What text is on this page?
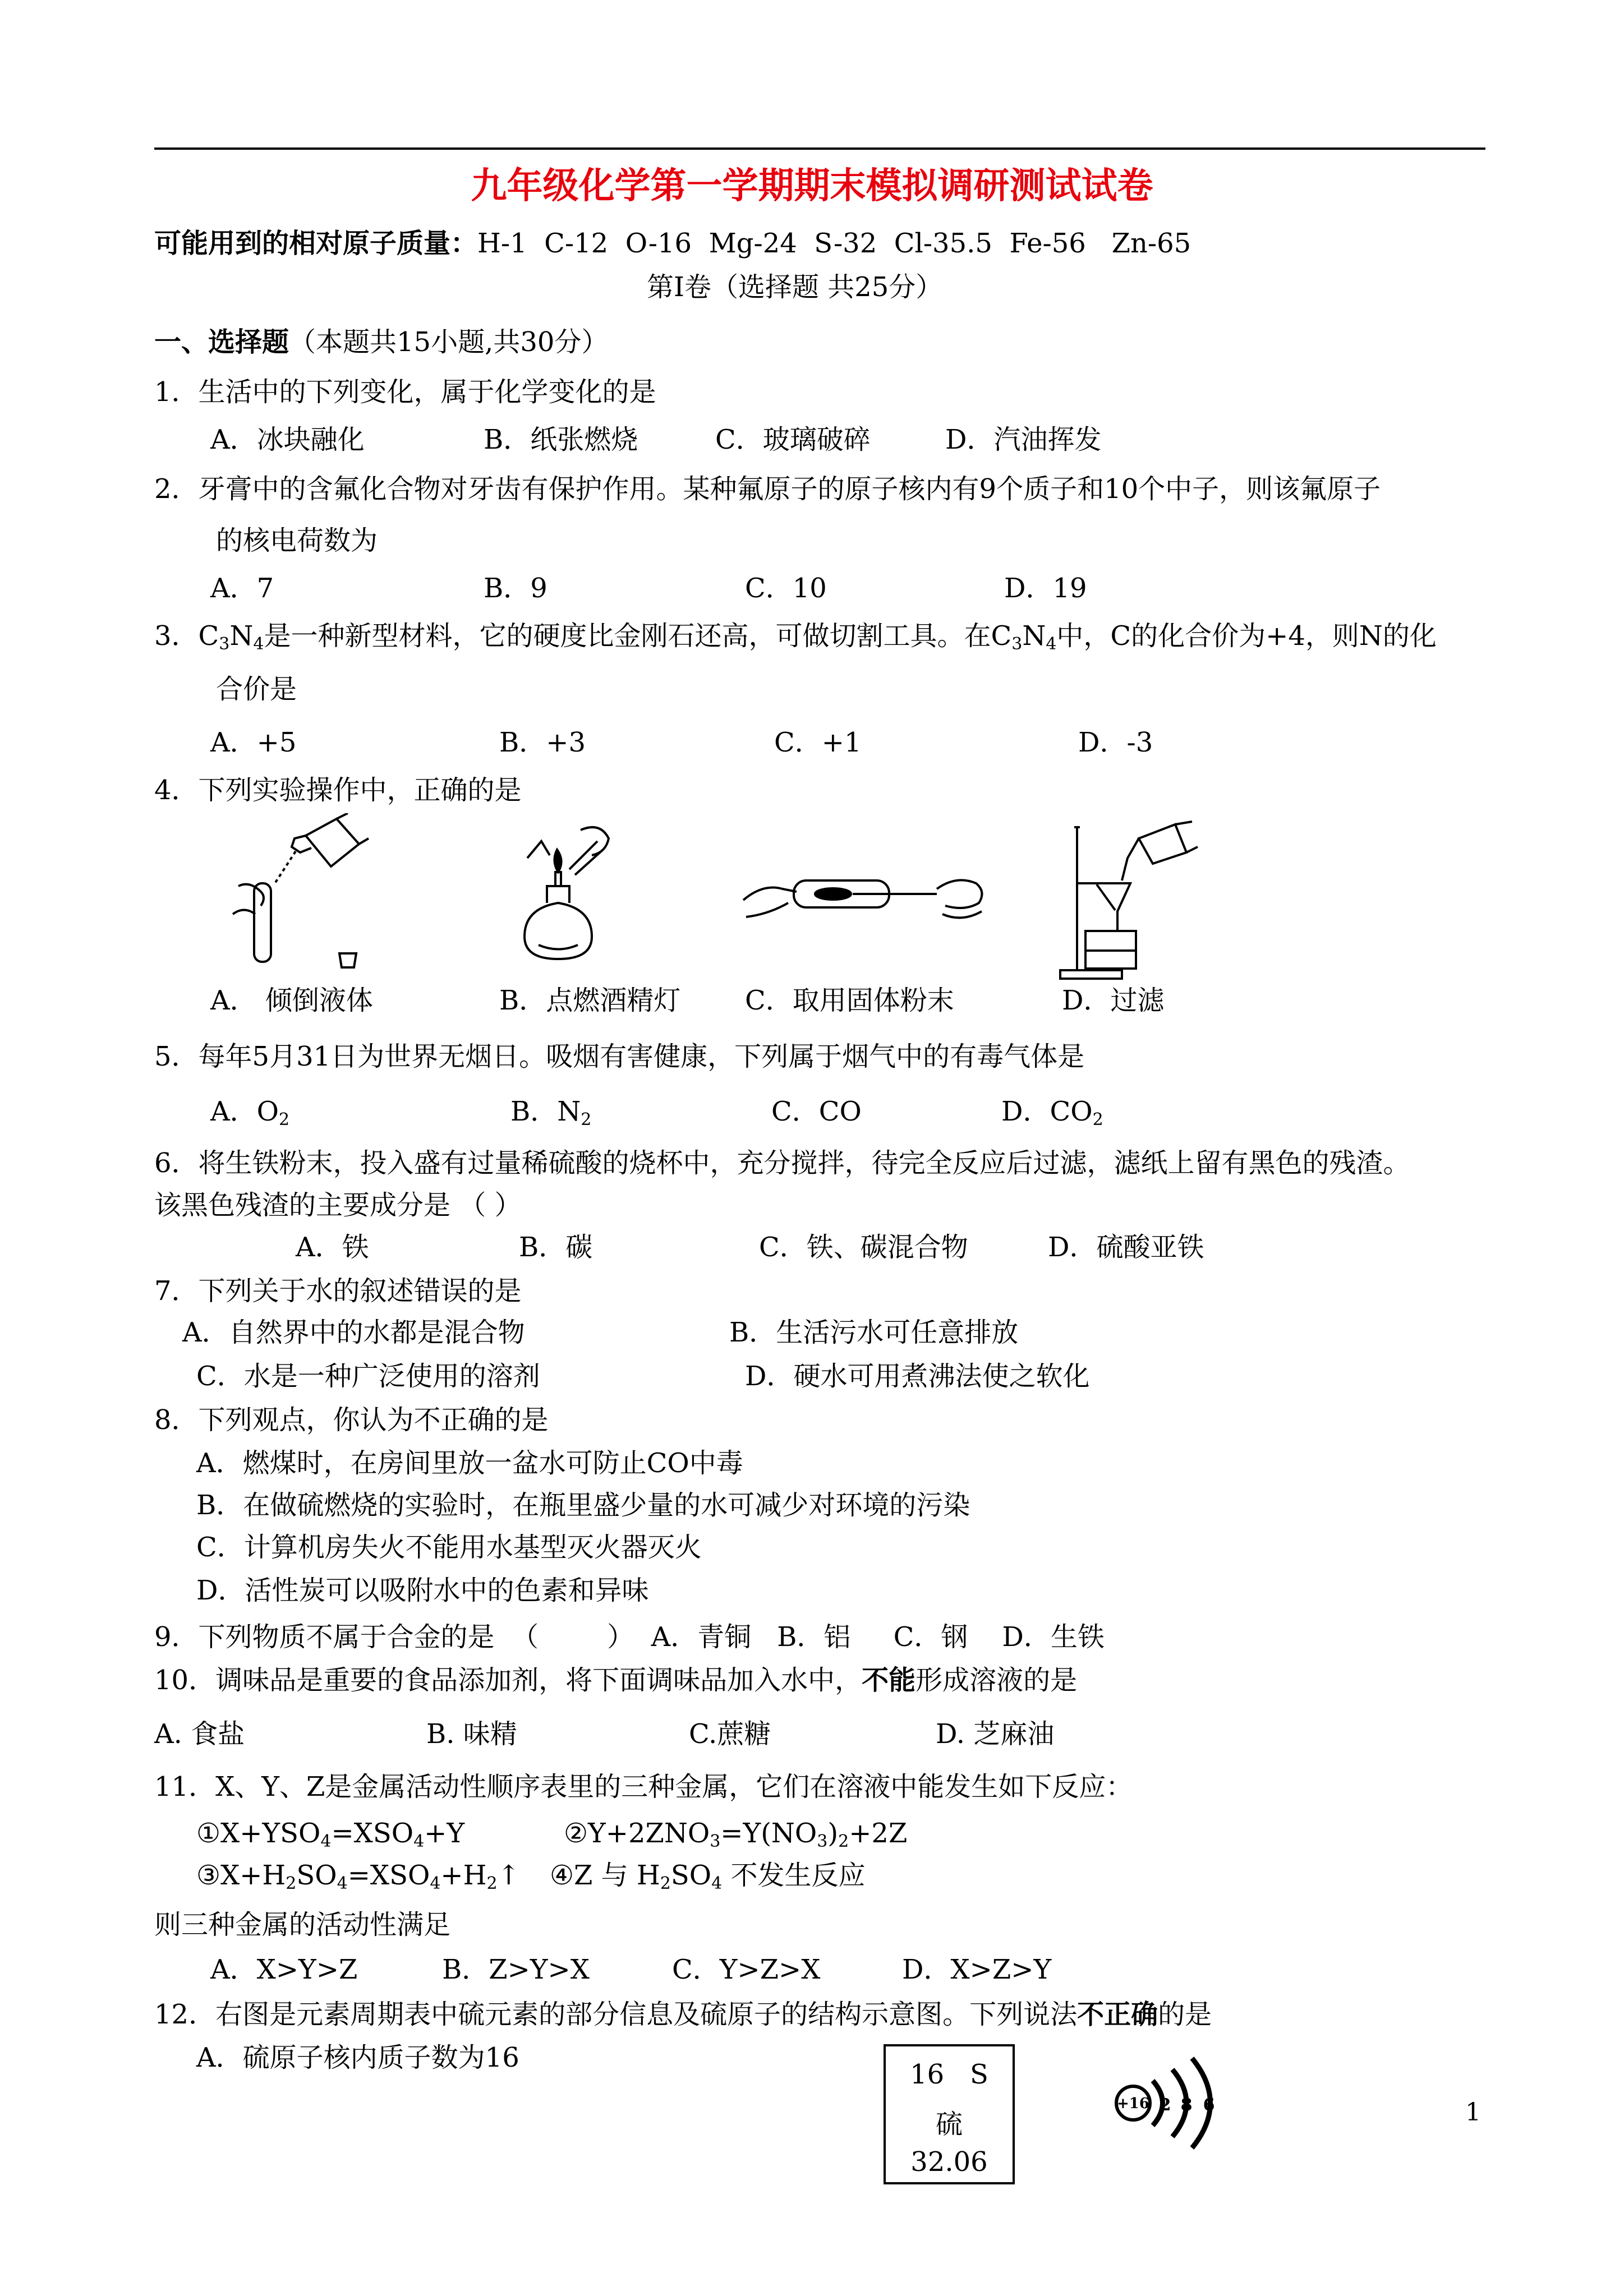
九年级化学第一学期期末模拟调研测试试卷
可能用到的相对原子质量：H-1  C-12  O-16  Mg-24  S-32  Cl-35.5  Fe-56   Zn-65
第Ⅰ卷（选择题 共25分）
一、选择题（本题共15小题,共30分）
1．生活中的下列变化，属于化学变化的是
A．冰块融化	B．纸张燃烧	C．玻璃破碎	D．汽油挥发
2．牙膏中的含氟化合物对牙齿有保护作用。某种氟原子的原子核内有9个质子和10个中子，则该氟原子
的核电荷数为
A．7	B．9	C．10	D．19
3．$C_3N_4$是一种新型材料，它的硬度比金刚石还高，可做切割工具。在$C_3N_4$中，C的化合价为+4，则N的化
合价是
A．+5	B．+3	C．+1	D．-3
4．下列实验操作中，正确的是
A． 倾倒液体	B．点燃酒精灯 C．取用固体粉末	D．过滤
5．每年5月31日为世界无烟日。吸烟有害健康，下列属于烟气中的有毒气体是
A．$O_2$	B．$N_2$	C．CO	D．$CO_2$
6．将生铁粉末，投入盛有过量稀硫酸的烧杯中，充分搅拌，待完全反应后过滤，滤纸上留有黑色的残渣。
该黑色残渣的主要成分是 （ ）
A．铁	B．碳	C．铁、碳混合物	D．硫酸亚铁
7．下列关于水的叙述错误的是
A．自然界中的水都是混合物	B．生活污水可任意排放
C．水是一种广泛使用的溶剂	D．硬水可用煮沸法使之软化
8．下列观点，你认为不正确的是
A．燃煤时，在房间里放一盆水可防止CO中毒
B．在做硫燃烧的实验时，在瓶里盛少量的水可减少对环境的污染
C．计算机房失火不能用水基型灭火器灭火
D．活性炭可以吸附水中的色素和异味
9．下列物质不属于合金的是  （        ）  A．青铜   B．铝     C．钢    D．生铁
10．调味品是重要的食品添加剂，将下面调味品加入水中，不能形成溶液的是
A. 食盐	B. 味精	C.蔗糖	D. 芝麻油
11．X、Y、Z是金属活动性顺序表里的三种金属，它们在溶液中能发生如下反应：
$①X+YSO_4=XSO_4+Y$	$②Y+2ZNO_3=Y(NO_3)_2+2Z$
$③X+H_2SO_4=XSO_4+H_2↑$ ④Z 与 $H_2SO_4$ 不发生反应
则三种金属的活动性满足
A．X>Y>Z	B．Z>Y>X	C．Y>Z>X	D．X>Z>Y
12．右图是元素周期表中硫元素的部分信息及硫原子的结构示意图。下列说法不正确的是
A．硫原子核内质子数为16
16   S
硫
32.06
+16 2 8 6	1
